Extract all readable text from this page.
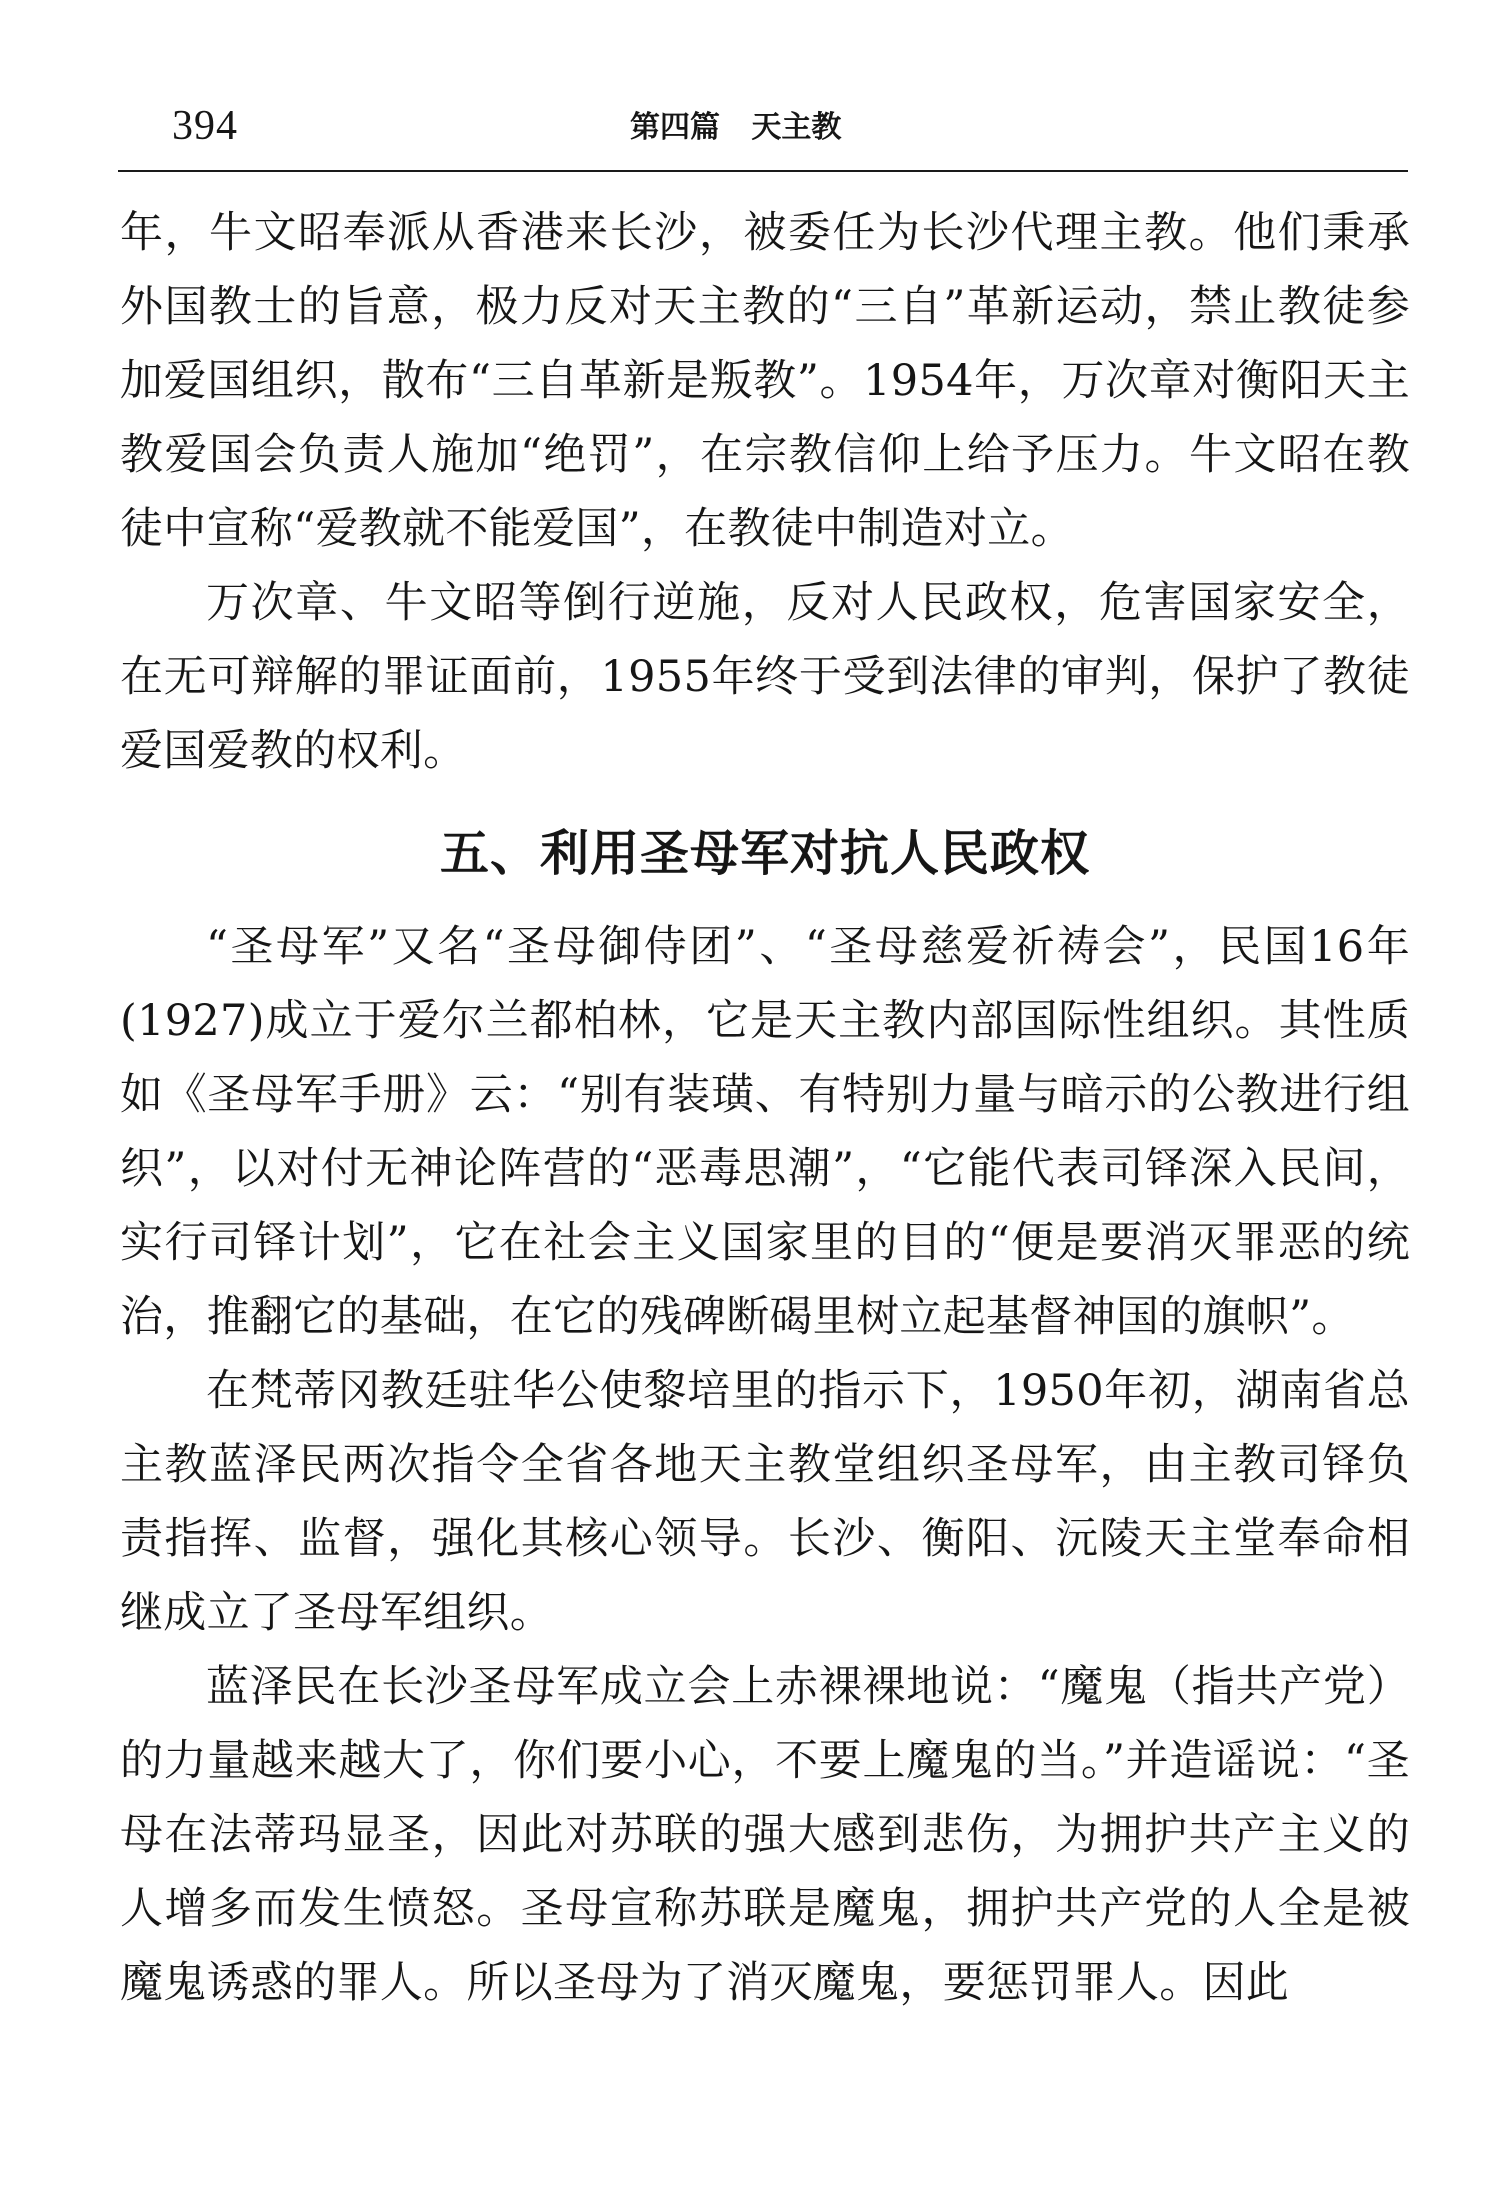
394	第四篇   天主教

年，牛文昭奉派从香港来长沙，被委任为长沙代理主教。他们秉承外国教士的旨意，极力反对天主教的“三自”革新运动，禁止教徒参加爱国组织，散布“三自革新是叛教”。1954年，万次章对衡阳天主教爱国会负责人施加“绝罚”，在宗教信仰上给予压力。牛文昭在教徒中宣称“爱教就不能爱国”，在教徒中制造对立。

万次章、牛文昭等倒行逆施，反对人民政权，危害国家安全，在无可辩解的罪证面前，1955年终于受到法律的审判，保护了教徒爱国爱教的权利。

五、利用圣母军对抗人民政权

“圣母军”又名“圣母御侍团”、“圣母慈爱祈祷会”，民国16年(1927)成立于爱尔兰都柏林，它是天主教内部国际性组织。其性质如《圣母军手册》云：“别有装璜、有特别力量与暗示的公教进行组织”，以对付无神论阵营的“恶毒思潮”，“它能代表司铎深入民间，实行司铎计划”，它在社会主义国家里的目的“便是要消灭罪恶的统治，推翻它的基础，在它的残碑断碣里树立起基督神国的旗帜”。

在梵蒂冈教廷驻华公使黎培里的指示下，1950年初，湖南省总主教蓝泽民两次指令全省各地天主教堂组织圣母军，由主教司铎负责指挥、监督，强化其核心领导。长沙、衡阳、沅陵天主堂奉命相继成立了圣母军组织。

蓝泽民在长沙圣母军成立会上赤裸裸地说：“魔鬼（指共产党）的力量越来越大了，你们要小心，不要上魔鬼的当。”并造谣说：“圣母在法蒂玛显圣，因此对苏联的强大感到悲伤，为拥护共产主义的人增多而发生愤怒。圣母宣称苏联是魔鬼，拥护共产党的人全是被魔鬼诱惑的罪人。所以圣母为了消灭魔鬼，要惩罚罪人。因此
